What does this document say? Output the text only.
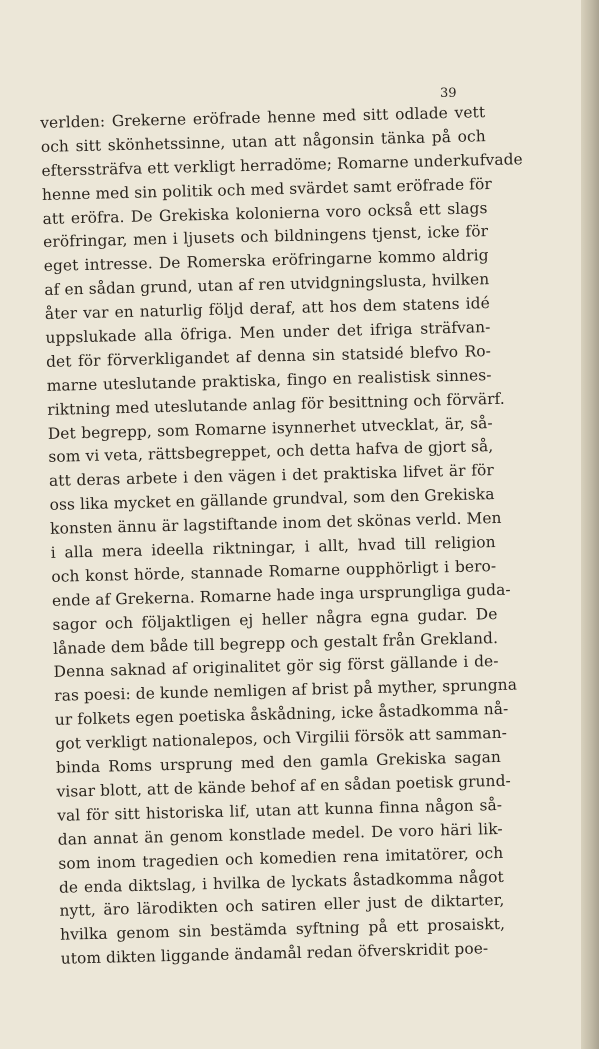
39
verlden: Grekerne eröfrade henne med sitt odlade vett
och sitt skönhetssinne, utan att någonsin tänka på och
efterssträfva ett verkligt herradöme; Romarne underkufvade
henne med sin politik och med svärdet samt eröfrade för
att eröfra. De Grekiska kolonierna voro också ett slags
eröfringar, men i ljusets och bildningens tjenst, icke för
eget intresse. De Romerska eröfringarne kommo aldrig
af en sådan grund, utan af ren utvidgningslusta, hvilken
åter var en naturlig följd deraf, att hos dem statens idé
uppslukade alla öfriga. Men under det ifriga sträfvan-
det för förverkligandet af denna sin statsidé blefvo Ro-
marne uteslutande praktiska, fingo en realistisk sinnes-
riktning med uteslutande anlag för besittning och förvärf.
Det begrepp, som Romarne isynnerhet utvecklat, är, så-
som vi veta, rättsbegreppet, och detta hafva de gjort så,
att deras arbete i den vägen i det praktiska lifvet är för
oss lika mycket en gällande grundval, som den Grekiska
konsten ännu är lagstiftande inom det skönas verld. Men
i alla mera ideella riktningar, i allt, hvad till religion
och konst hörde, stannade Romarne oupphörligt i bero-
ende af Grekerna. Romarne hade inga ursprungliga guda-
sagor och följaktligen ej heller några egna gudar. De
lånade dem både till begrepp och gestalt från Grekland.
Denna saknad af originalitet gör sig först gällande i de-
ras poesi: de kunde nemligen af brist på myther, sprungna
ur folkets egen poetiska åskådning, icke åstadkomma nå-
got verkligt nationalepos, och Virgilii försök att samman-
binda Roms ursprung med den gamla Grekiska sagan
visar blott, att de kände behof af en sådan poetisk grund-
val för sitt historiska lif, utan att kunna finna någon så-
dan annat än genom konstlade medel. De voro häri lik-
som inom tragedien och komedien rena imitatörer, och
de enda diktslag, i hvilka de lyckats åstadkomma något
nytt, äro lärodikten och satiren eller just de diktarter,
hvilka genom sin bestämda syftning på ett prosaiskt,
utom dikten liggande ändamål redan öfverskridit poe-
